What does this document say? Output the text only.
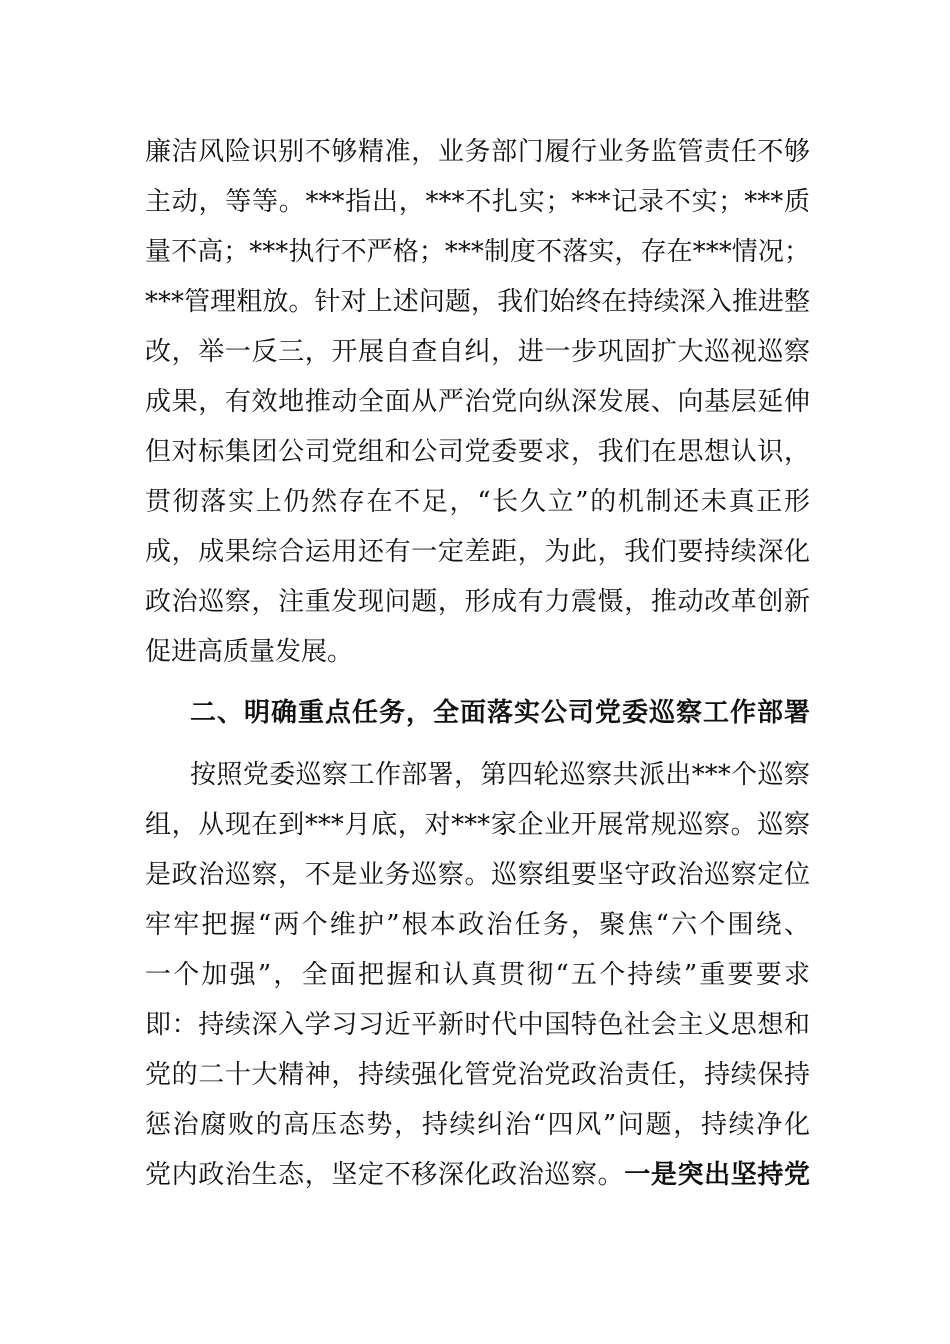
廉洁风险识别不够精准，业务部门履行业务监管责任不够
主动，等等。***指出，***不扎实；***记录不实；***质
量不高；***执行不严格；***制度不落实，存在***情况；
***管理粗放。针对上述问题，我们始终在持续深入推进整
改，举一反三，开展自查自纠，进一步巩固扩大巡视巡察
成果，有效地推动全面从严治党向纵深发展、向基层延伸
但对标集团公司党组和公司党委要求，我们在思想认识，
贯彻落实上仍然存在不足，“长久立”的机制还未真正形
成，成果综合运用还有一定差距，为此，我们要持续深化
政治巡察，注重发现问题，形成有力震慑，推动改革创新
促进高质量发展。
二、明确重点任务，全面落实公司党委巡察工作部署
按照党委巡察工作部署，第四轮巡察共派出***个巡察
组，从现在到***月底，对***家企业开展常规巡察。巡察
是政治巡察，不是业务巡察。巡察组要坚守政治巡察定位
牢牢把握“两个维护”根本政治任务，聚焦“六个围绕、
一个加强”，全面把握和认真贯彻“五个持续”重要要求
即：持续深入学习习近平新时代中国特色社会主义思想和
党的二十大精神，持续强化管党治党政治责任，持续保持
惩治腐败的高压态势，持续纠治“四风”问题，持续净化
党内政治生态，坚定不移深化政治巡察。一是突出坚持党
